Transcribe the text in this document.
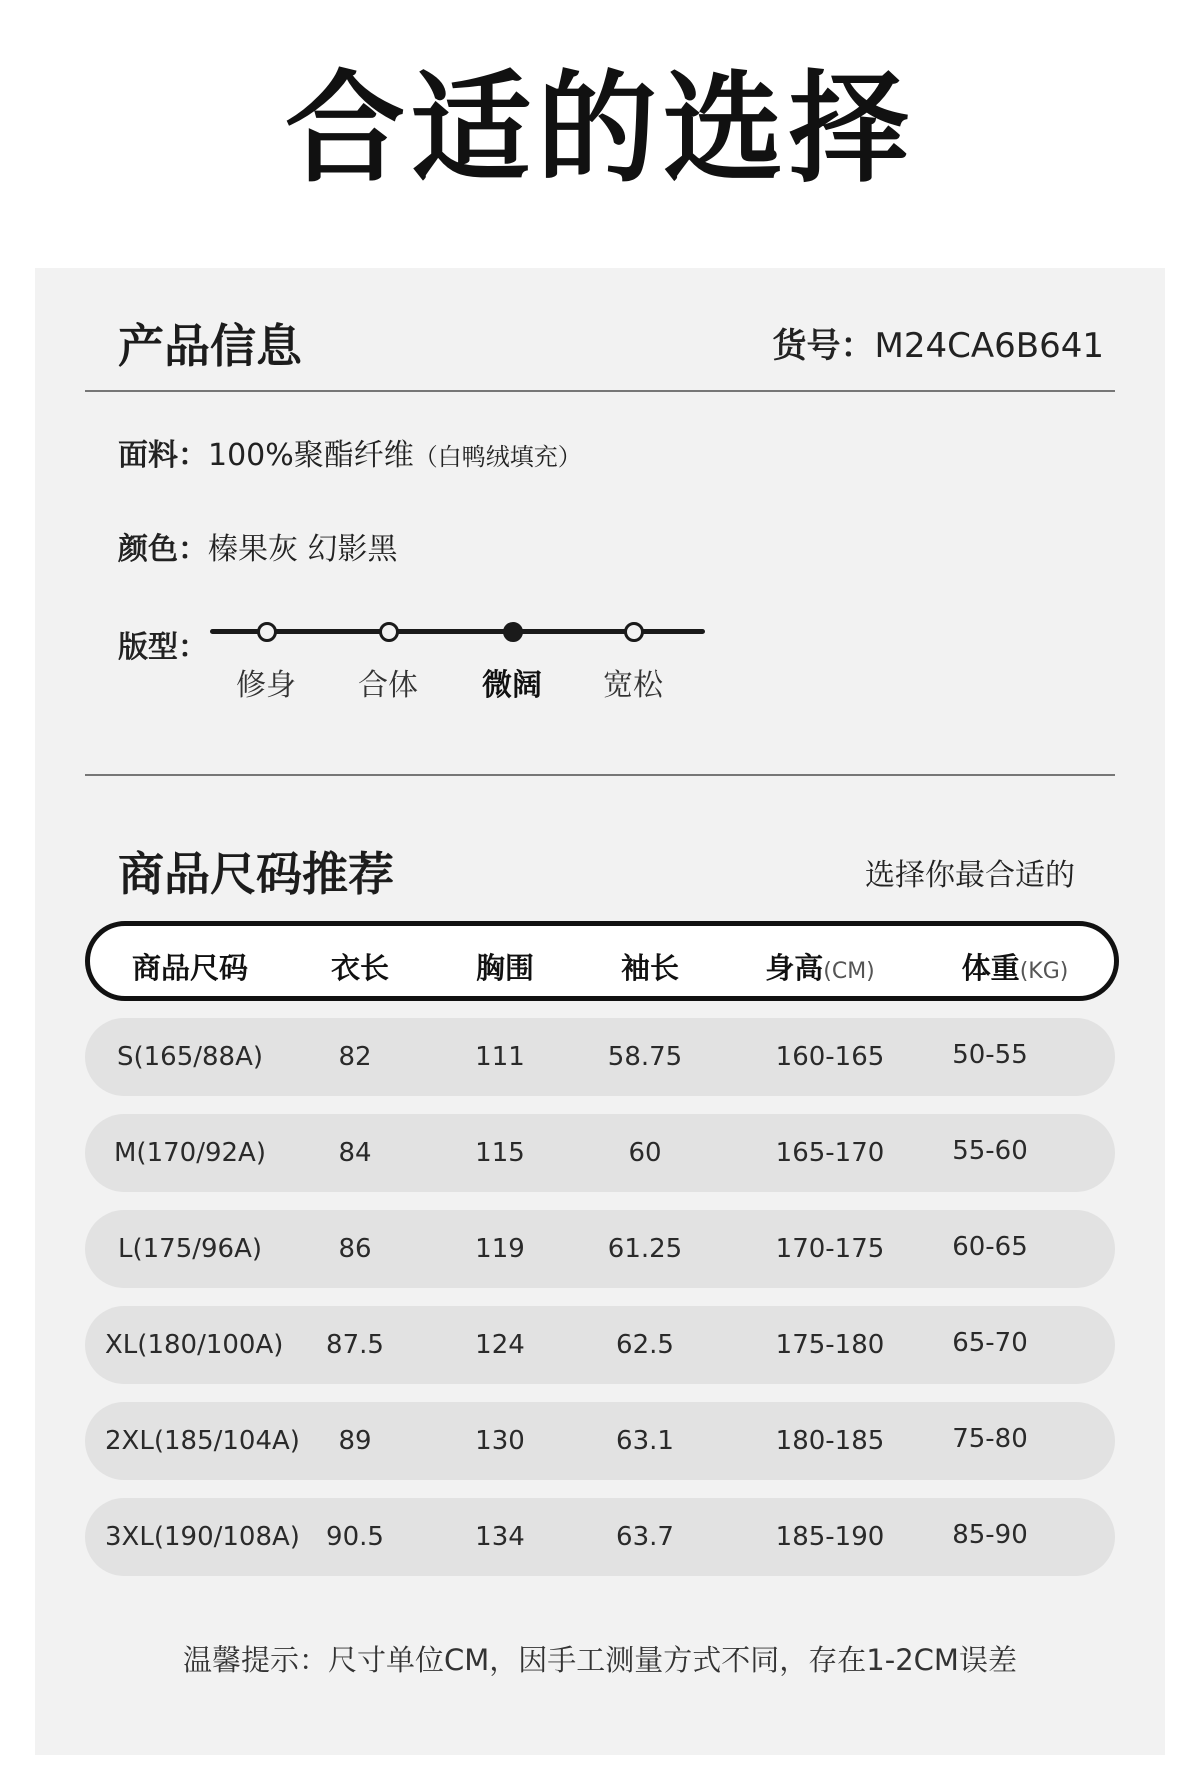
合适的选择
产品信息	货号：M24CA6B641
面料：100%聚酯纤维（白鸭绒填充）
颜色：榛果灰 幻影黑
版型：
修身	合体	微阔	宽松
商品尺码推荐	选择你最合适的
商品尺码	衣长	胸围	袖长	身高(CM)	体重(KG)
S(165/88A)	82	111	58.75	160-165	50-55
M(170/92A)	84	115	60	165-170	55-60
L(175/96A)	86	119	61.25	170-175	60-65
XL(180/100A)	87.5	124	62.5	175-180	65-70
2XL(185/104A)	89	130	63.1	180-185	75-80
3XL(190/108A)	90.5	134	63.7	185-190	85-90
温馨提示：尺寸单位CM，因手工测量方式不同，存在1-2CM误差
